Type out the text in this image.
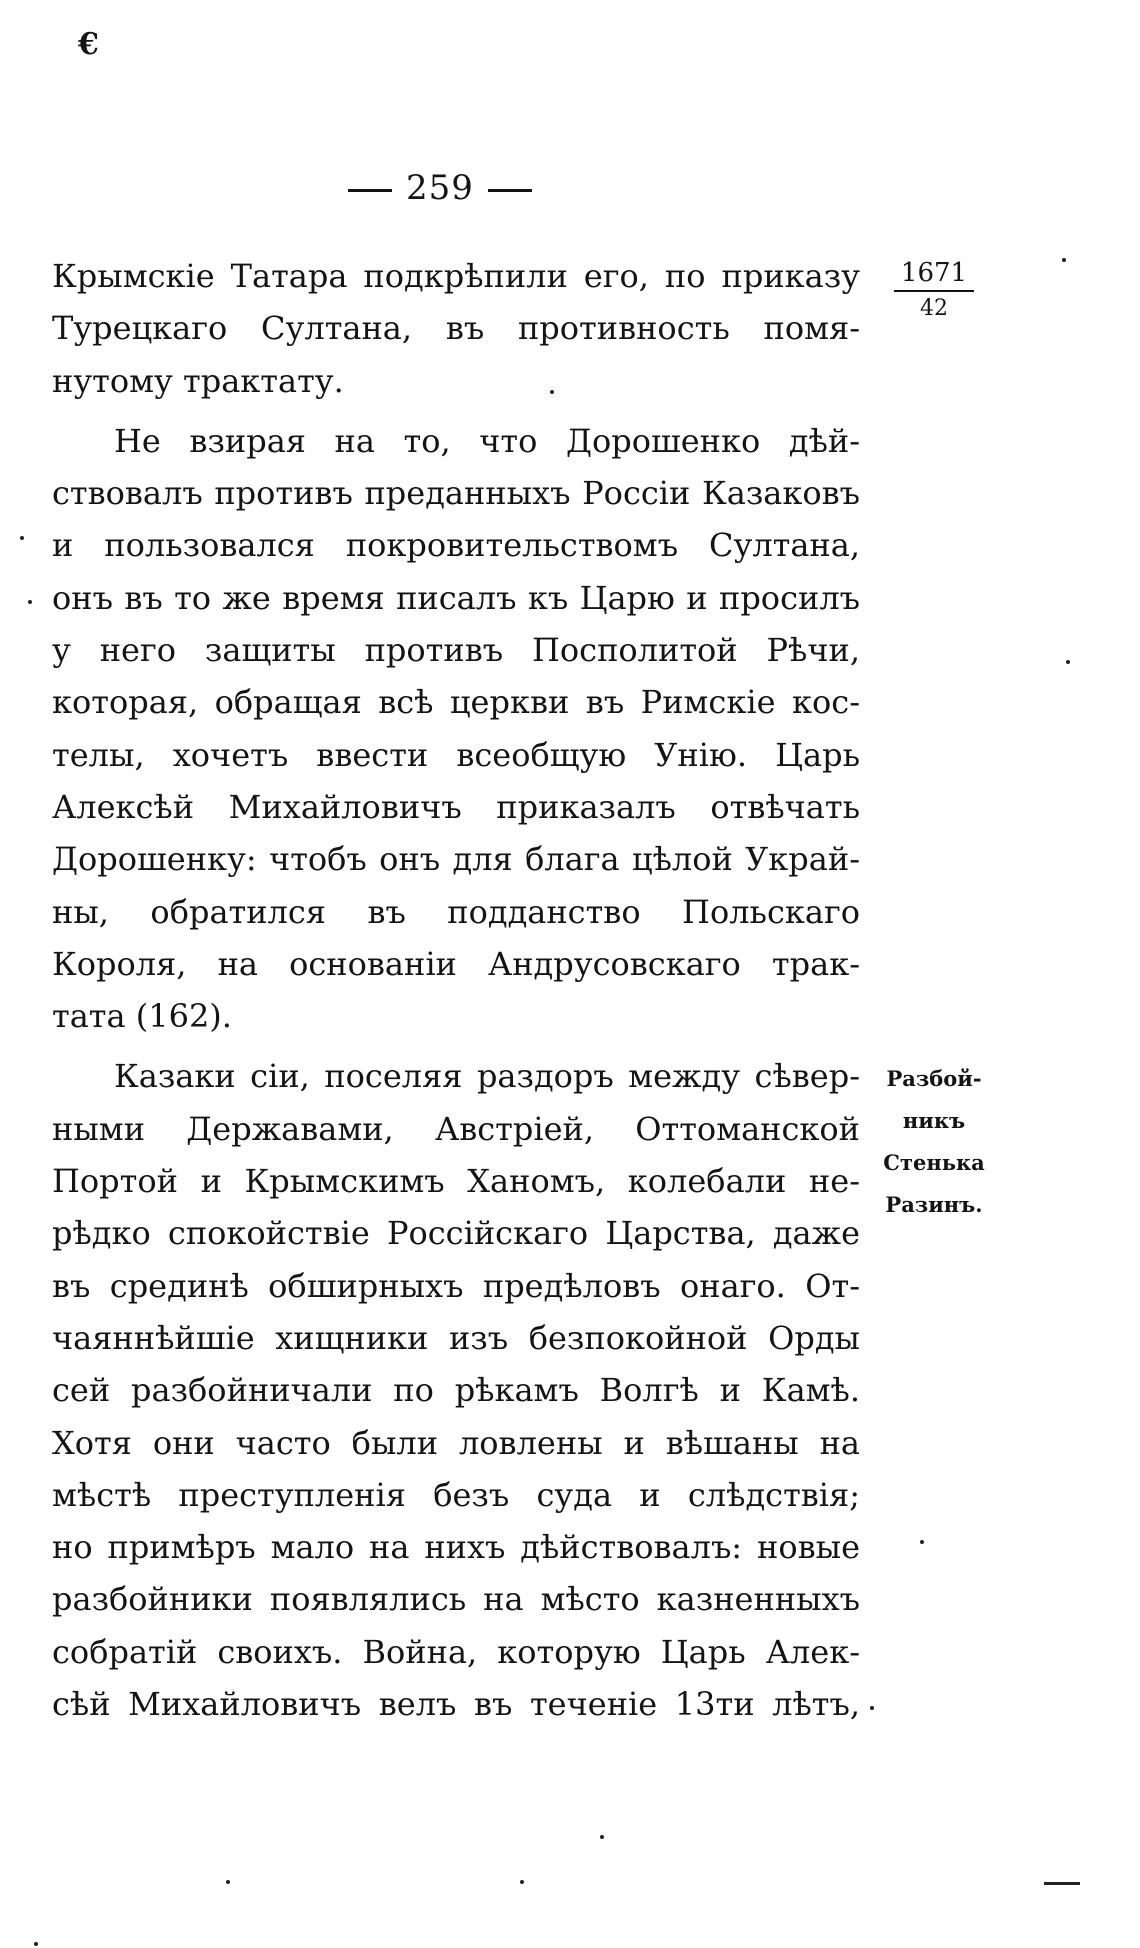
€
259
1671
42
Разбой-
никъ
Стенька
Разинъ.
Крымскіе Татара подкрѣпили его, по приказу
Турецкаго Султана, въ противность помя-
нутому трактату.
Не взирая на то, что Дорошенко дѣй-
ствовалъ противъ преданныхъ Россіи Казаковъ
и пользовался покровительствомъ Султана,
онъ въ то же время писалъ къ Царю и просилъ
у него защиты противъ Посполитой Рѣчи,
которая, обращая всѣ церкви въ Римскіе кос-
телы, хочетъ ввести всеобщую Унію. Царь
Алексѣй Михайловичъ приказалъ отвѣчать
Дорошенку: чтобъ онъ для блага цѣлой Украй-
ны, обратился въ подданство Польскаго
Короля, на основаніи Андрусовскаго трак-
тата (162).
Казаки сіи, поселяя раздоръ между сѣвер-
ными Державами, Австріей, Оттоманской
Портой и Крымскимъ Ханомъ, колебали не-
рѣдко спокойствіе Россійскаго Царства, даже
въ срединѣ обширныхъ предѣловъ онаго. От-
чаяннѣйшіе хищники изъ безпокойной Орды
сей разбойничали по рѣкамъ Волгѣ и Камѣ.
Хотя они часто были ловлены и вѣшаны на
мѣстѣ преступленія безъ суда и слѣдствія;
но примѣръ мало на нихъ дѣйствовалъ: новые
разбойники появлялись на мѣсто казненныхъ
собратій своихъ. Война, которую Царь Алек-
сѣй Михайловичъ велъ въ теченіе 13ти лѣтъ,
